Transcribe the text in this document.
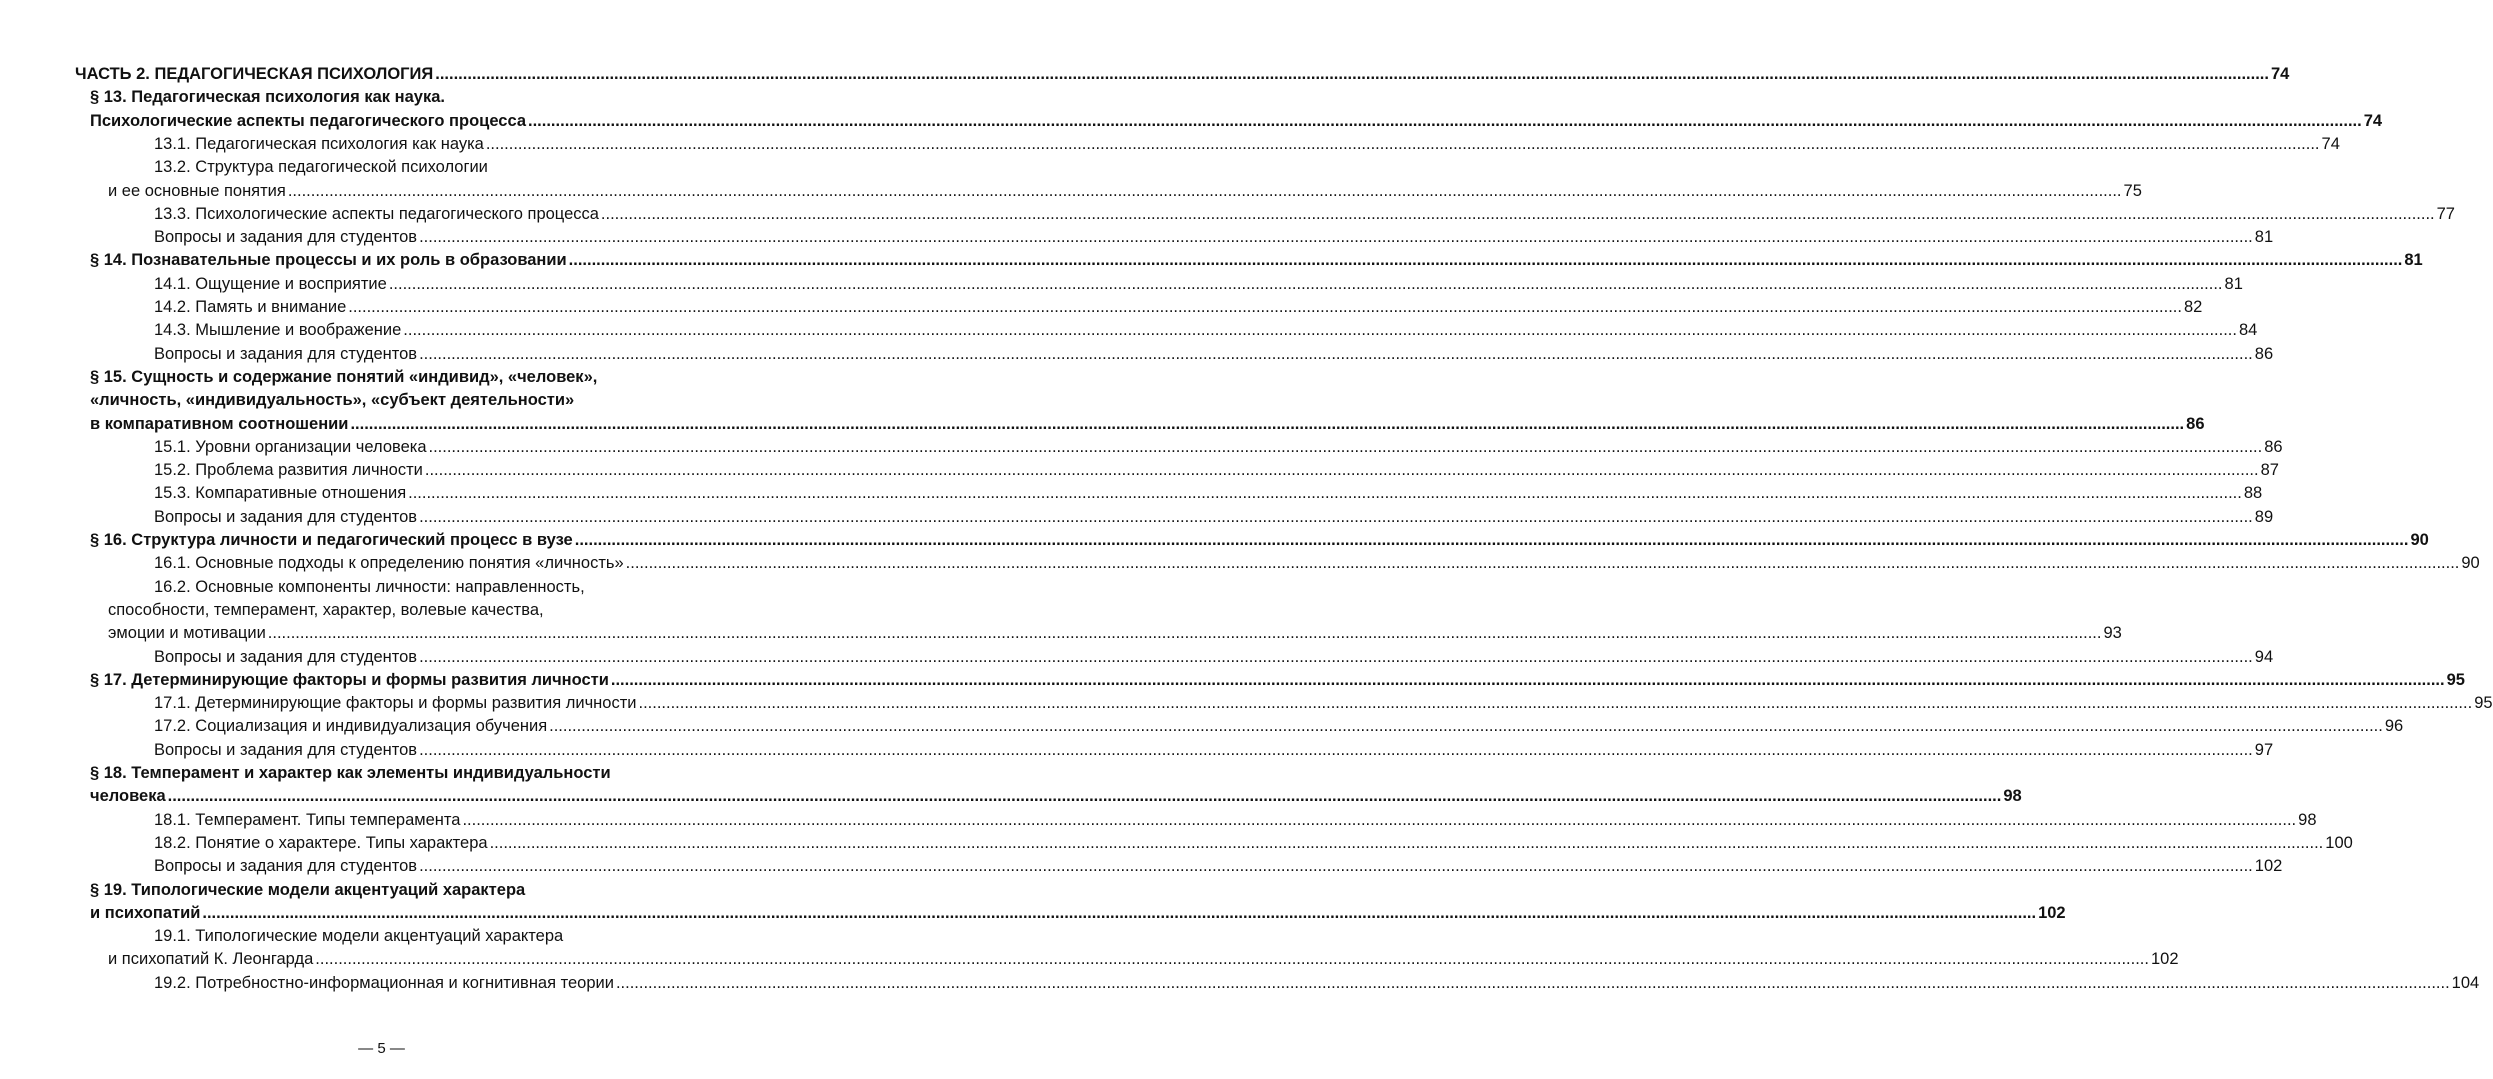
ЧАСТЬ 2. ПЕДАГОГИЧЕСКАЯ ПСИХОЛОГИЯ ................................................................................................................................................................................................................................................................................................................................................................................................................ 74
§ 13. Педагогическая психология как наука.
Психологические аспекты педагогического процесса ................................................................................................................................................................................................................................................................................................................................................................................................................ 74
13.1. Педагогическая психология как наука ................................................................................................................................................................................................................................................................................................................................................................................................................ 74
13.2. Структура педагогической психологии
и ее основные понятия ................................................................................................................................................................................................................................................................................................................................................................................................................ 75
13.3. Психологические аспекты педагогического процесса ................................................................................................................................................................................................................................................................................................................................................................................................................ 77
Вопросы и задания для студентов ................................................................................................................................................................................................................................................................................................................................................................................................................ 81
§ 14. Познавательные процессы и их роль в образовании ................................................................................................................................................................................................................................................................................................................................................................................................................ 81
14.1. Ощущение и восприятие ................................................................................................................................................................................................................................................................................................................................................................................................................ 81
14.2. Память и внимание ................................................................................................................................................................................................................................................................................................................................................................................................................ 82
14.3. Мышление и воображение ................................................................................................................................................................................................................................................................................................................................................................................................................ 84
Вопросы и задания для студентов ................................................................................................................................................................................................................................................................................................................................................................................................................ 86
§ 15. Сущность и содержание понятий «индивид», «человек»,
«личность, «индивидуальность», «субъект деятельности»
в компаративном соотношении ................................................................................................................................................................................................................................................................................................................................................................................................................ 86
15.1. Уровни организации человека ................................................................................................................................................................................................................................................................................................................................................................................................................ 86
15.2. Проблема развития личности ................................................................................................................................................................................................................................................................................................................................................................................................................ 87
15.3. Компаративные отношения ................................................................................................................................................................................................................................................................................................................................................................................................................ 88
Вопросы и задания для студентов ................................................................................................................................................................................................................................................................................................................................................................................................................ 89
§ 16. Структура личности и педагогический процесс в вузе ................................................................................................................................................................................................................................................................................................................................................................................................................ 90
16.1. Основные подходы к определению понятия «личность» ................................................................................................................................................................................................................................................................................................................................................................................................................ 90
16.2. Основные компоненты личности: направленность,
способности, темперамент, характер, волевые качества,
эмоции и мотивации ................................................................................................................................................................................................................................................................................................................................................................................................................ 93
Вопросы и задания для студентов ................................................................................................................................................................................................................................................................................................................................................................................................................ 94
§ 17. Детерминирующие факторы и формы развития личности ................................................................................................................................................................................................................................................................................................................................................................................................................ 95
17.1. Детерминирующие факторы и формы развития личности ................................................................................................................................................................................................................................................................................................................................................................................................................ 95
17.2. Социализация и индивидуализация обучения ................................................................................................................................................................................................................................................................................................................................................................................................................ 96
Вопросы и задания для студентов ................................................................................................................................................................................................................................................................................................................................................................................................................ 97
§ 18. Темперамент и характер как элементы индивидуальности
человека ................................................................................................................................................................................................................................................................................................................................................................................................................ 98
18.1. Темперамент. Типы темперамента ................................................................................................................................................................................................................................................................................................................................................................................................................ 98
18.2. Понятие о характере. Типы характера ................................................................................................................................................................................................................................................................................................................................................................................................................ 100
Вопросы и задания для студентов ................................................................................................................................................................................................................................................................................................................................................................................................................ 102
§ 19. Типологические модели акцентуаций характера
и психопатий ................................................................................................................................................................................................................................................................................................................................................................................................................ 102
19.1. Типологические модели акцентуаций характера
и психопатий К. Леонгарда ................................................................................................................................................................................................................................................................................................................................................................................................................ 102
19.2. Потребностно-информационная и когнитивная теории ................................................................................................................................................................................................................................................................................................................................................................................................................ 104
— 5 —
